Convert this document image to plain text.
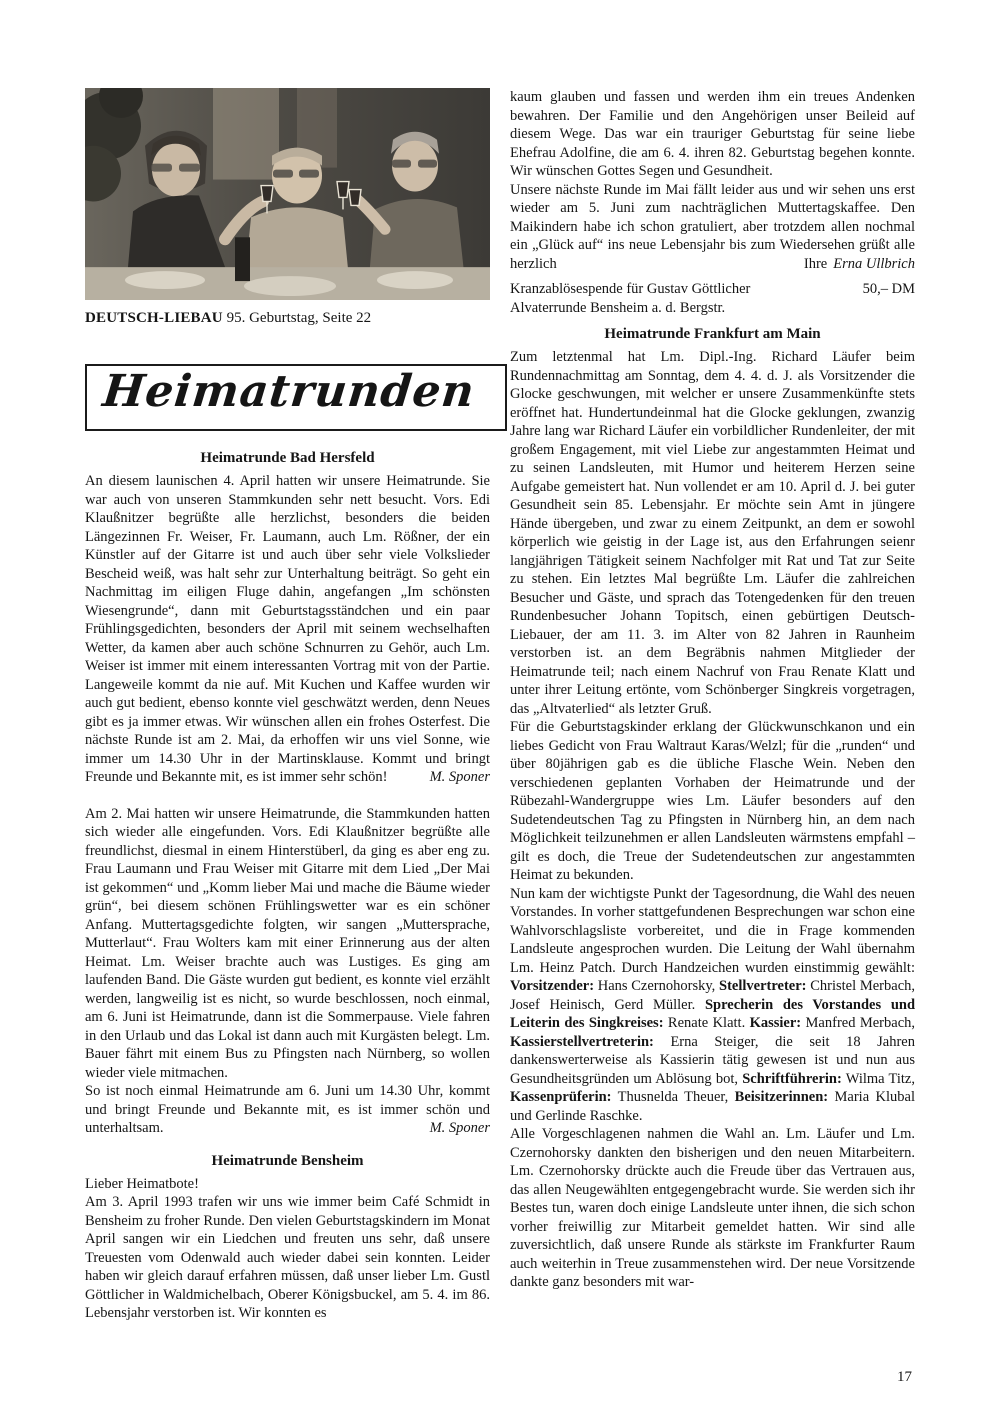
DEUTSCH-LIEBAU 95. Geburtstag, Seite 22
Heimatrunden
Heimatrunde Bad Hersfeld

An diesem launischen 4. April hatten wir unsere Heimatrunde. Sie war auch von unseren Stammkunden sehr nett besucht. Vors. Edi Klaußnitzer begrüßte alle herzlichst, besonders die beiden Längezinnen Fr. Weiser, Fr. Laumann, auch Lm. Rößner, der ein Künstler auf der Gitarre ist und auch über sehr viele Volkslieder Bescheid weiß, was halt sehr zur Unterhaltung beiträgt. So geht ein Nachmittag im eiligen Fluge dahin, angefangen „Im schönsten Wiesengrunde“, dann mit Geburtstagsständchen und ein paar Frühlingsgedichten, besonders der April mit seinem wechselhaften Wetter, da kamen aber auch schöne Schnurren zu Gehör, auch Lm. Weiser ist immer mit einem interessanten Vortrag mit von der Partie. Langeweile kommt da nie auf. Mit Kuchen und Kaffee wurden wir auch gut bedient, ebenso konnte viel geschwätzt werden, denn Neues gibt es ja immer etwas. Wir wünschen allen ein frohes Osterfest. Die nächste Runde ist am 2. Mai, da erhoffen wir uns viel Sonne, wie immer um 14.30 Uhr in der Martinsklause. Kommt und bringt Freunde und Bekannte mit, es ist immer sehr schön!	M. Sponer

Am 2. Mai hatten wir unsere Heimatrunde, die Stammkunden hatten sich wieder alle eingefunden. Vors. Edi Klaußnitzer begrüßte alle freundlichst, diesmal in einem Hinterstüberl, da ging es aber eng zu. Frau Laumann und Frau Weiser mit Gitarre mit dem Lied „Der Mai ist gekommen“ und „Komm lieber Mai und mache die Bäume wieder grün“, bei diesem schönen Frühlingswetter war es ein schöner Anfang. Muttertagsgedichte folgten, wir sangen „Muttersprache, Mutterlaut“. Frau Wolters kam mit einer Erinnerung aus der alten Heimat. Lm. Weiser brachte auch was Lustiges. Es ging am laufenden Band. Die Gäste wurden gut bedient, es konnte viel erzählt werden, langweilig ist es nicht, so wurde beschlossen, noch einmal, am 6. Juni ist Heimatrunde, dann ist die Sommerpause. Viele fahren in den Urlaub und das Lokal ist dann auch mit Kurgästen belegt. Lm. Bauer fährt mit einem Bus zu Pfingsten nach Nürnberg, so wollen wieder viele mitmachen.

So ist noch einmal Heimatrunde am 6. Juni um 14.30 Uhr, kommt und bringt Freunde und Bekannte mit, es ist immer schön und unterhaltsam.	M. Sponer

Heimatrunde Bensheim

Lieber Heimatbote!

Am 3. April 1993 trafen wir uns wie immer beim Café Schmidt in Bensheim zu froher Runde. Den vielen Geburtstagskindern im Monat April sangen wir ein Liedchen und freuten uns sehr, daß unsere Treuesten vom Odenwald auch wieder dabei sein konnten. Leider haben wir gleich darauf erfahren müssen, daß unser lieber Lm. Gustl Göttlicher in Waldmichelbach, Oberer Königsbuckel, am 5. 4. im 86. Lebensjahr verstorben ist. Wir konnten es

kaum glauben und fassen und werden ihm ein treues Andenken bewahren. Der Familie und den Angehörigen unser Beileid auf diesem Wege. Das war ein trauriger Geburtstag für seine liebe Ehefrau Adolfine, die am 6. 4. ihren 82. Geburtstag begehen konnte. Wir wünschen Gottes Segen und Gesundheit.

Unsere nächste Runde im Mai fällt leider aus und wir sehen uns erst wieder am 5. Juni zum nachträglichen Muttertagskaffee. Den Maikindern habe ich schon gratuliert, aber trotzdem allen nochmal ein „Glück auf“ ins neue Lebensjahr bis zum Wiedersehen grüßt alle herzlich	Ihre Erna Ullbrich

Kranzablösespende für Gustav Göttlicher	50,– DM
Alvaterrunde Bensheim a. d. Bergstr.
Heimatrunde Frankfurt am Main

Zum letztenmal hat Lm. Dipl.-Ing. Richard Läufer beim Rundennachmittag am Sonntag, dem 4. 4. d. J. als Vorsitzender die Glocke geschwungen, mit welcher er unsere Zusammenkünfte stets eröffnet hat. Hundertundeinmal hat die Glocke geklungen, zwanzig Jahre lang war Richard Läufer ein vorbildlicher Rundenleiter, der mit großem Engagement, mit viel Liebe zur angestammten Heimat und zu seinen Landsleuten, mit Humor und heiterem Herzen seine Aufgabe gemeistert hat. Nun vollendet er am 10. April d. J. bei guter Gesundheit sein 85. Lebensjahr. Er möchte sein Amt in jüngere Hände übergeben, und zwar zu einem Zeitpunkt, an dem er sowohl körperlich wie geistig in der Lage ist, aus den Erfahrungen seienr langjährigen Tätigkeit seinem Nachfolger mit Rat und Tat zur Seite zu stehen. Ein letztes Mal begrüßte Lm. Läufer die zahlreichen Besucher und Gäste, und sprach das Totengedenken für den treuen Rundenbesucher Johann Topitsch, einen gebürtigen Deutsch-Liebauer, der am 11. 3. im Alter von 82 Jahren in Raunheim verstorben ist. an dem Begräbnis nahmen Mitglieder der Heimatrunde teil; nach einem Nachruf von Frau Renate Klatt und unter ihrer Leitung ertönte, vom Schönberger Singkreis vorgetragen, das „Altvaterlied“ als letzter Gruß.

Für die Geburtstagskinder erklang der Glückwunschkanon und ein liebes Gedicht von Frau Waltraut Karas/Welzl; für die „runden“ und über 80jährigen gab es die übliche Flasche Wein. Neben den verschiedenen geplanten Vorhaben der Heimatrunde und der Rübezahl-Wandergruppe wies Lm. Läufer besonders auf den Sudetendeutschen Tag zu Pfingsten in Nürnberg hin, an dem nach Möglichkeit teilzunehmen er allen Landsleuten wärmstens empfahl – gilt es doch, die Treue der Sudetendeutschen zur angestammten Heimat zu bekunden.

Nun kam der wichtigste Punkt der Tagesordnung, die Wahl des neuen Vorstandes. In vorher stattgefundenen Besprechungen war schon eine Wahlvorschlagsliste vorbereitet, und die in Frage kommenden Landsleute angesprochen wurden. Die Leitung der Wahl übernahm Lm. Heinz Patch. Durch Handzeichen wurden einstimmig gewählt: Vorsitzender: Hans Czernohorsky, Stellvertreter: Christel Merbach, Josef Heinisch, Gerd Müller. Sprecherin des Vorstandes und Leiterin des Singkreises: Renate Klatt. Kassier: Manfred Merbach, Kassierstellvertreterin: Erna Steiger, die seit 18 Jahren dankenswerterweise als Kassierin tätig gewesen ist und nun aus Gesundheitsgründen um Ablösung bot, Schriftführerin: Wilma Titz, Kassenprüferin: Thusnelda Theuer, Beisitzerinnen: Maria Klubal und Gerlinde Raschke.

Alle Vorgeschlagenen nahmen die Wahl an. Lm. Läufer und Lm. Czernohorsky dankten den bisherigen und den neuen Mitarbeitern. Lm. Czernohorsky drückte auch die Freude über das Vertrauen aus, das allen Neugewählten entgegengebracht wurde. Sie werden sich ihr Bestes tun, waren doch einige Landsleute unter ihnen, die sich schon vorher freiwillig zur Mitarbeit gemeldet hatten. Wir sind alle zuversichtlich, daß unsere Runde als stärkste im Frankfurter Raum auch weiterhin in Treue zusammenstehen wird. Der neue Vorsitzende dankte ganz besonders mit war-

17
